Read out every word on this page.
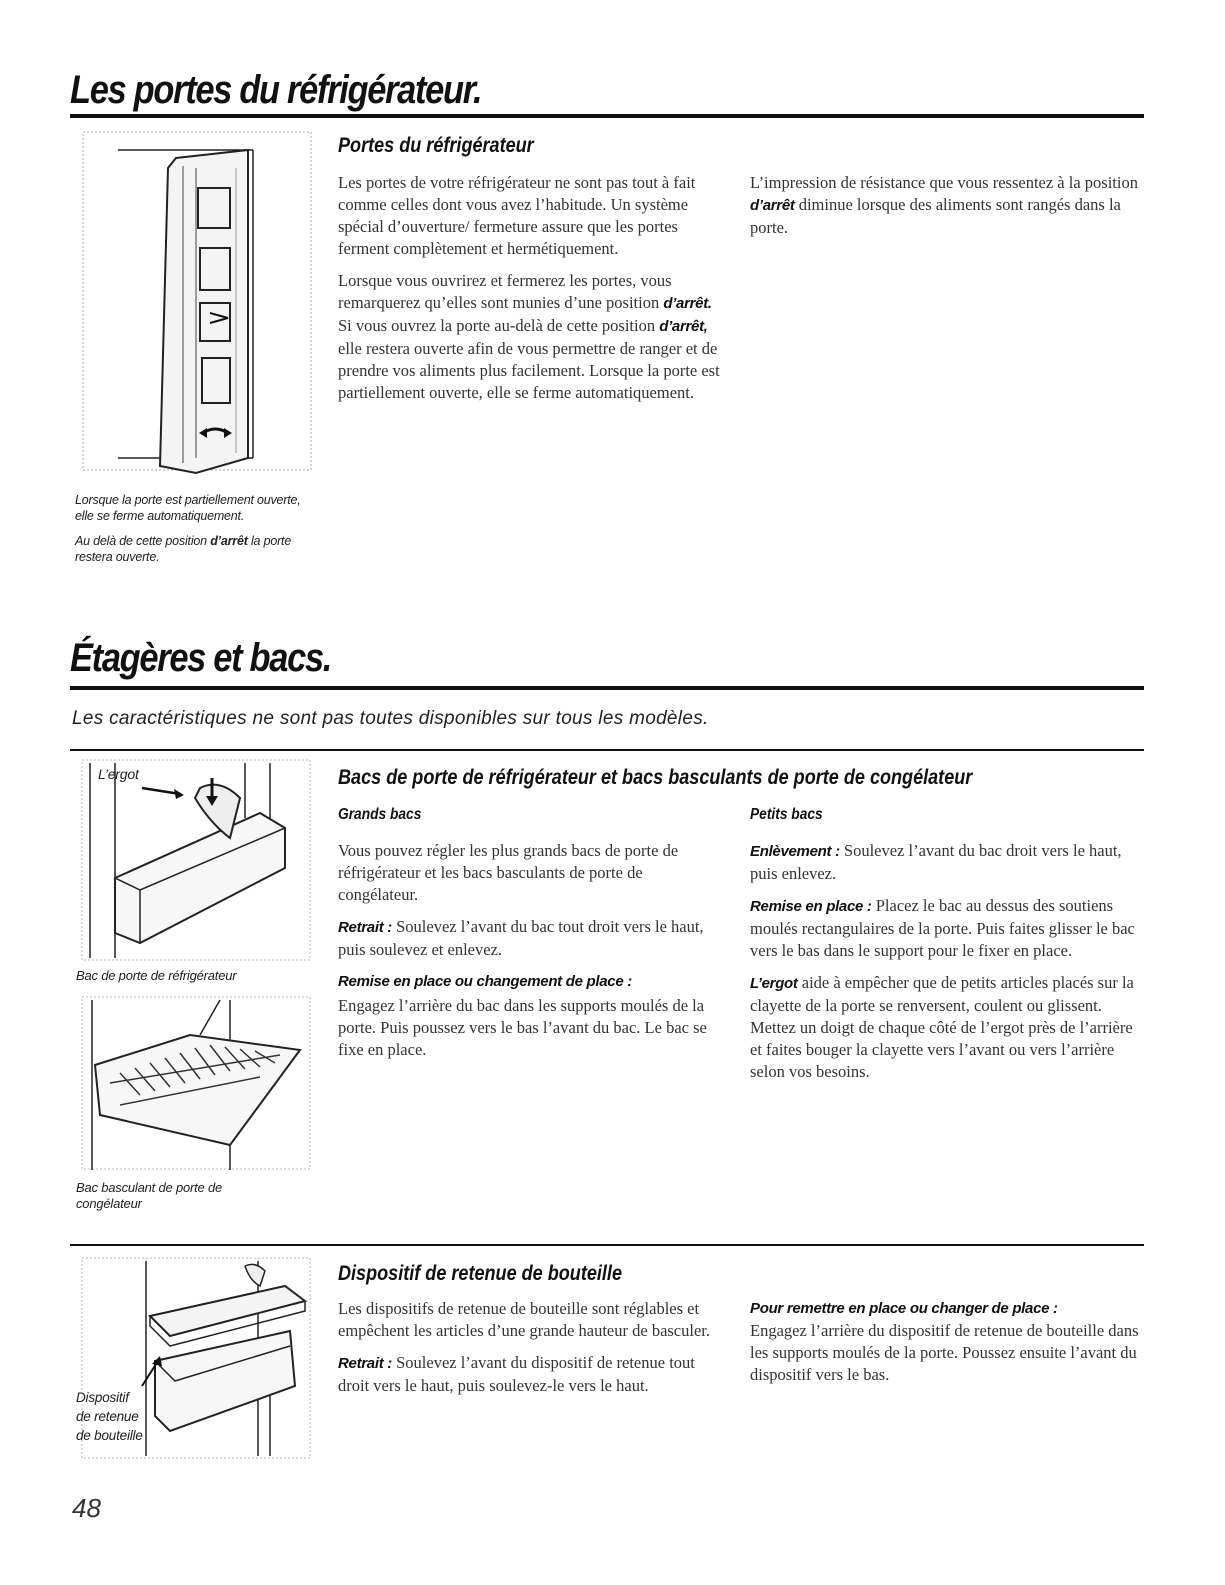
Les portes du réfrigérateur.
Lorsque la porte est partiellement ouverte, elle se ferme automatiquement.
Au delà de cette position d’arrêt la porte restera ouverte.
Portes du réfrigérateur

Les portes de votre réfrigérateur ne sont pas tout à fait comme celles dont vous avez l’habitude. Un système spécial d’ouverture/ fermeture assure que les portes ferment complètement et hermétiquement.

Lorsque vous ouvrirez et fermerez les portes, vous remarquerez qu’elles sont munies d’une position d’arrêt. Si vous ouvrez la porte au-delà de cette position d’arrêt, elle restera ouverte afin de vous permettre de ranger et de prendre vos aliments plus facilement. Lorsque la porte est partiellement ouverte, elle se ferme automatiquement.

L’impression de résistance que vous ressentez à la position d’arrêt diminue lorsque des aliments sont rangés dans la porte.

Étagères et bacs.
Les caractéristiques ne sont pas toutes disponibles sur tous les modèles.
L’ergot
Bac de porte de réfrigérateur
Bac basculant de porte de congélateur
Bacs de porte de réfrigérateur et bacs basculants de porte de congélateur
Grands bacs

Vous pouvez régler les plus grands bacs de porte de réfrigérateur et les bacs basculants de porte de congélateur.

Retrait : Soulevez l’avant du bac tout droit vers le haut, puis soulevez et enlevez.

Remise en place ou changement de place :

Engagez l’arrière du bac dans les supports moulés de la porte. Puis poussez vers le bas l’avant du bac. Le bac se fixe en place.

Petits bacs

Enlèvement : Soulevez l’avant du bac droit vers le haut, puis enlevez.

Remise en place : Placez le bac au dessus des soutiens moulés rectangulaires de la porte. Puis faites glisser le bac vers le bas dans le support pour le fixer en place.

L’ergot aide à empêcher que de petits articles placés sur la clayette de la porte se renversent, coulent ou glissent. Mettez un doigt de chaque côté de l’ergot près de l’arrière et faites bouger la clayette vers l’avant ou vers l’arrière selon vos besoins.

Dispositif
de retenue
de bouteille
Dispositif de retenue de bouteille

Les dispositifs de retenue de bouteille sont réglables et empêchent les articles d’une grande hauteur de basculer.

Retrait : Soulevez l’avant du dispositif de retenue tout droit vers le haut, puis soulevez-le vers le haut.

Pour remettre en place ou changer de place :
Engagez l’arrière du dispositif de retenue de bouteille dans les supports moulés de la porte. Poussez ensuite l’avant du dispositif vers le bas.
48
